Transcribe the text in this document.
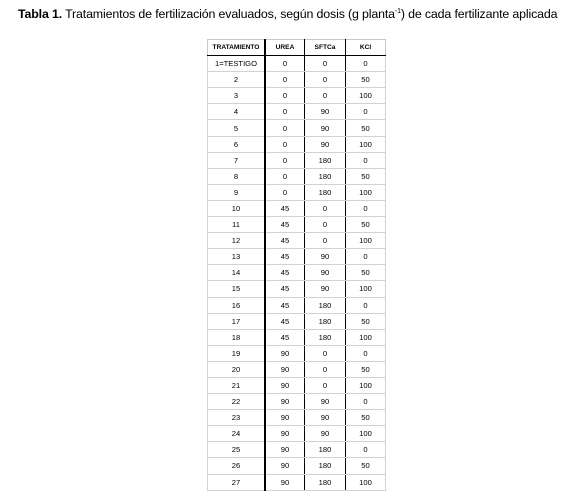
Tabla 1. Tratamientos de fertilización evaluados, según dosis (g planta$^{-1}$) de cada fertilizante aplicada
TRATAMIENTO	UREA	SFTCa	KCl
1=TESTIGO	0	0	0
2	0	0	50
3	0	0	100
4	0	90	0
5	0	90	50
6	0	90	100
7	0	180	0
8	0	180	50
9	0	180	100
10	45	0	0
11	45	0	50
12	45	0	100
13	45	90	0
14	45	90	50
15	45	90	100
16	45	180	0
17	45	180	50
18	45	180	100
19	90	0	0
20	90	0	50
21	90	0	100
22	90	90	0
23	90	90	50
24	90	90	100
25	90	180	0
26	90	180	50
27	90	180	100
